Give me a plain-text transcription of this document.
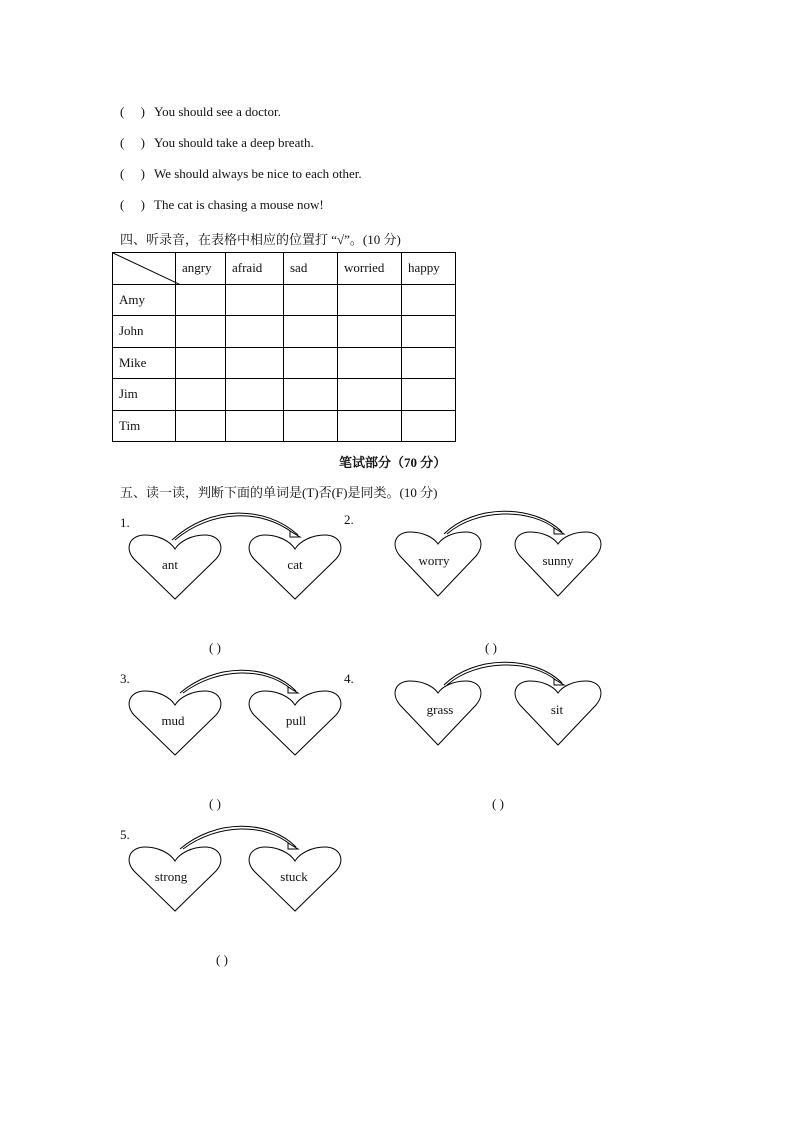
( ) You should see a doctor.
( ) You should take a deep breath.
( ) We should always be nice to each other.
( ) The cat is chasing a mouse now!
四、听录音，在表格中相应的位置打 “√”。(10 分)
	angry	afraid	sad	worried	happy
Amy					
John					
Mike					
Jim					
Tim					
笔试部分（70 分）
五、读一读，判断下面的单词是(T)否(F)是同类。(10 分)
1.
ant	cat
( )
2.
worry	sunny
( )
3.
mud	pull
( )
4.
grass	sit
( )
5.
strong	stuck
( )
